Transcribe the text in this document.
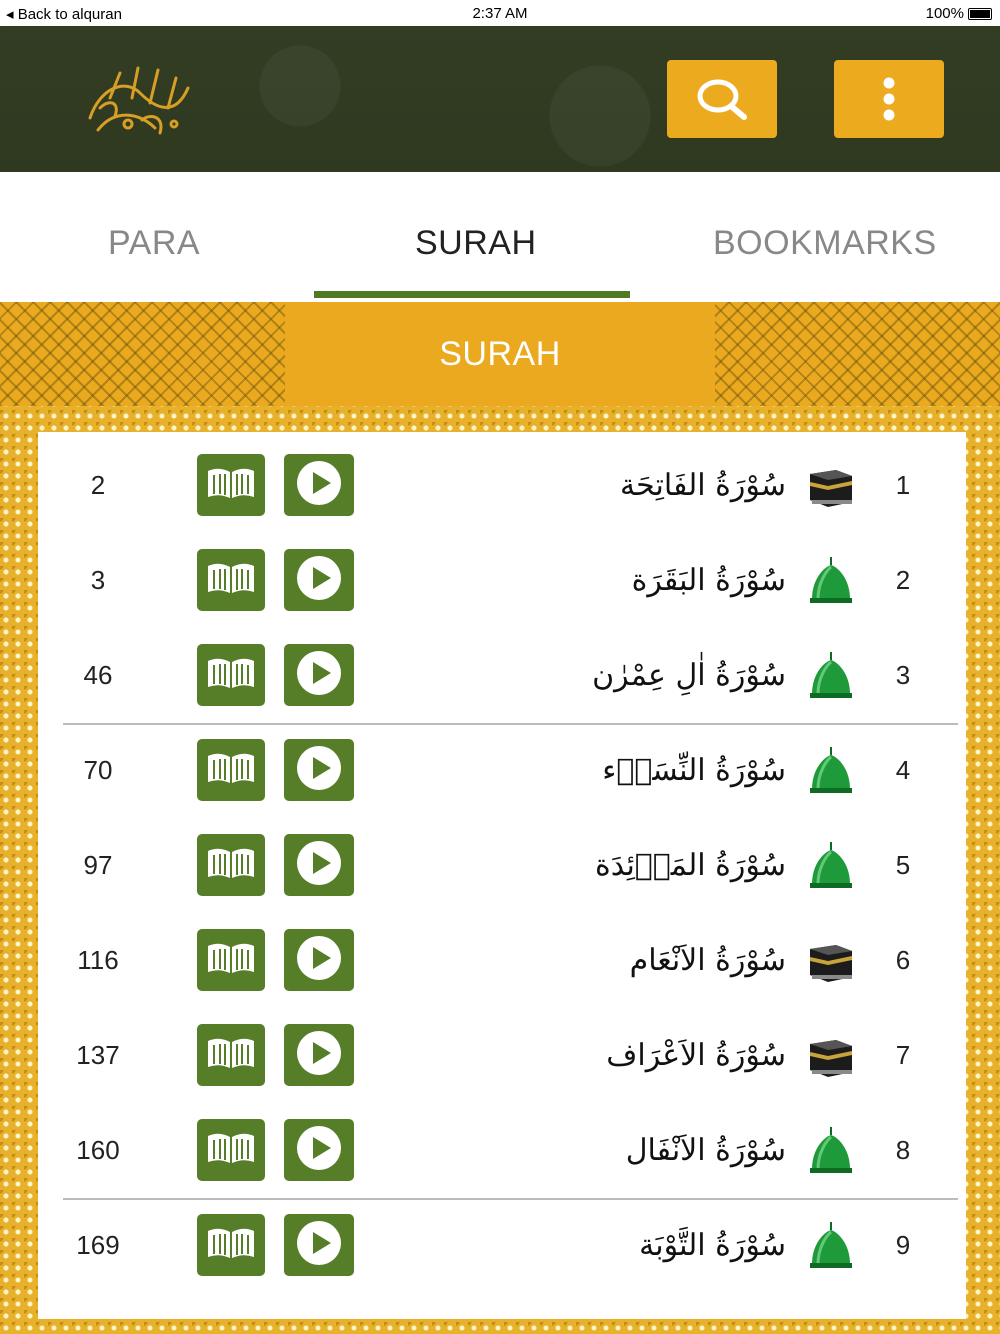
◂ Back to alquran	2:37 AM	100%
PARA	SURAH	BOOKMARKS
SURAH
2	سُوْرَةُ الفَاتِحَة	1
3	سُوْرَةُ البَقَرَة	2
46	سُوْرَةُ اٰلِ عِمْرٰن	3
70	سُوْرَةُ النِّسَاۤء	4
97	سُوْرَةُ المَاۤئِدَة	5
116	سُوْرَةُ الاَنْعَام	6
137	سُوْرَةُ الاَعْرَاف	7
160	سُوْرَةُ الاَنْفَال	8
169	سُوْرَةُ التَّوْبَة	9
